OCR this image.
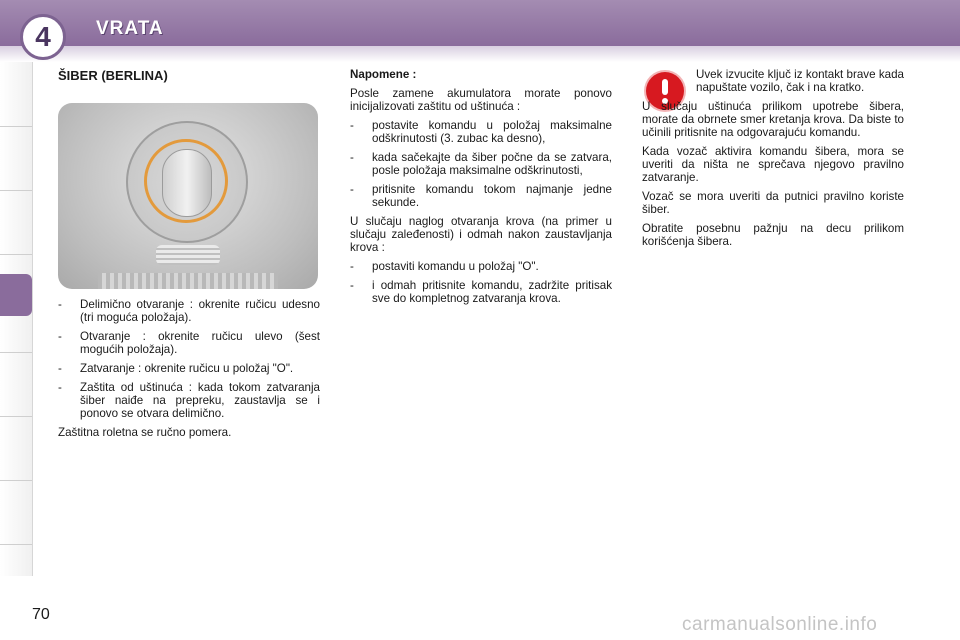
4	VRATA
ŠIBER (BERLINA)
- Delimično otvaranje : okrenite ručicu udesno (tri moguća položaja).
- Otvaranje : okrenite ručicu ulevo (šest mogućih položaja).
- Zatvaranje : okrenite ručicu u položaj "O".
- Zaštita od uštinuća : kada tokom zatvaranja šiber naiđe na prepreku, zaustavlja se i ponovo se otvara delimično.

Zaštitna roletna se ručno pomera.

Napomene :

Posle zamene akumulatora morate ponovo inicijalizovati zaštitu od uštinuća :

- postavite komandu u položaj maksimalne odškrinutosti (3. zubac ka desno),
- kada sačekajte da šiber počne da se zatvara, posle položaja maksimalne odškrinutosti,
- pritisnite komandu tokom najmanje jedne sekunde.

U slučaju naglog otvaranja krova (na primer u slučaju zaleđenosti) i odmah nakon zaustavljanja krova :

- postaviti komandu u položaj "O".
- i odmah pritisnite komandu, zadržite pritisak sve do kompletnog zatvaranja krova.

Uvek izvucite ključ iz kontakt brave kada napuštate vozilo, čak i na kratko.

U slučaju uštinuća prilikom upotrebe šibera, morate da obrnete smer kretanja krova. Da biste to učinili pritisnite na odgovarajuću komandu.

Kada vozač aktivira komandu šibera, mora se uveriti da ništa ne sprečava njegovo pravilno zatvaranje.

Vozač se mora uveriti da putnici pravilno koriste šiber.

Obratite posebnu pažnju na decu prilikom korišćenja šibera.

70	carmanualsonline.info
